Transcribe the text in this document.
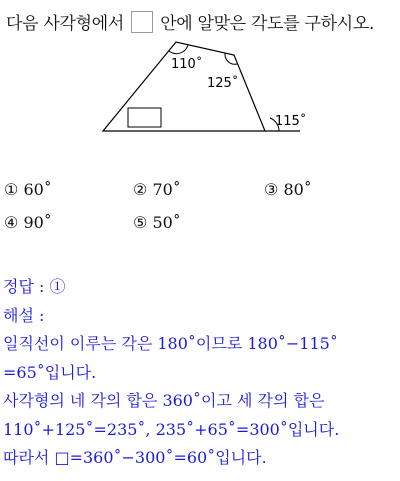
다음 사각형에서 안에 알맞은 각도를 구하시오.
110˚
125˚
115˚
① 60˚	② 70˚	③ 80˚
④ 90˚	⑤ 50˚
정답 : ①
해설 :
일직선이 이루는 각은 180˚이므로 180˚−115˚
=65˚입니다.
사각형의 네 각의 합은 360˚이고 세 각의 합은
110˚+125˚=235˚, 235˚+65˚=300˚입니다.
따라서 □=360˚−300˚=60˚입니다.
